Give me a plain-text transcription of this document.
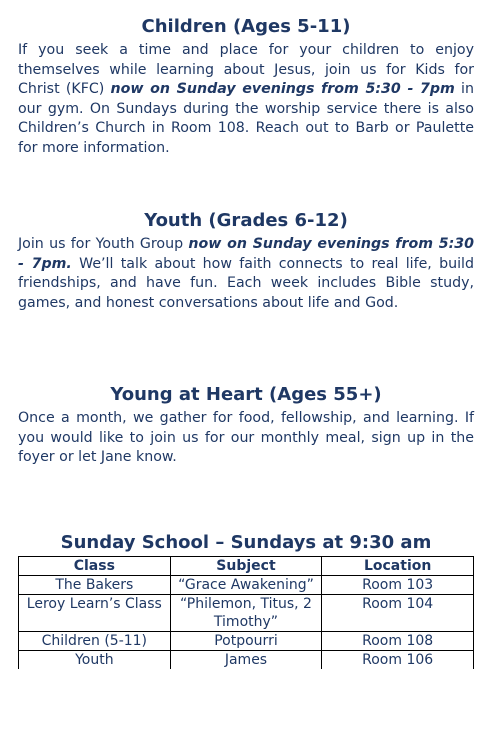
Children (Ages 5-11)

If you seek a time and place for your children to enjoy themselves while learning about Jesus, join us for Kids for Christ (KFC) now on Sunday evenings from 5:30 - 7pm in our gym. On Sundays during the worship service there is also Children’s Church in Room 108. Reach out to Barb or Paulette for more information.

Youth (Grades 6-12)

Join us for Youth Group now on Sunday evenings from 5:30 - 7pm. We’ll talk about how faith connects to real life, build friendships, and have fun. Each week includes Bible study, games, and honest conversations about life and God.

Young at Heart (Ages 55+)

Once a month, we gather for food, fellowship, and learning. If you would like to join us for our monthly meal, sign up in the foyer or let Jane know.

Sunday School – Sundays at 9:30 am
Class	Subject	Location
The Bakers	“Grace Awakening”	Room 103
Leroy Learn’s Class	“Philemon, Titus, 2 Timothy”	Room 104
Children (5-11)	Potpourri	Room 108
Youth	James	Room 106
